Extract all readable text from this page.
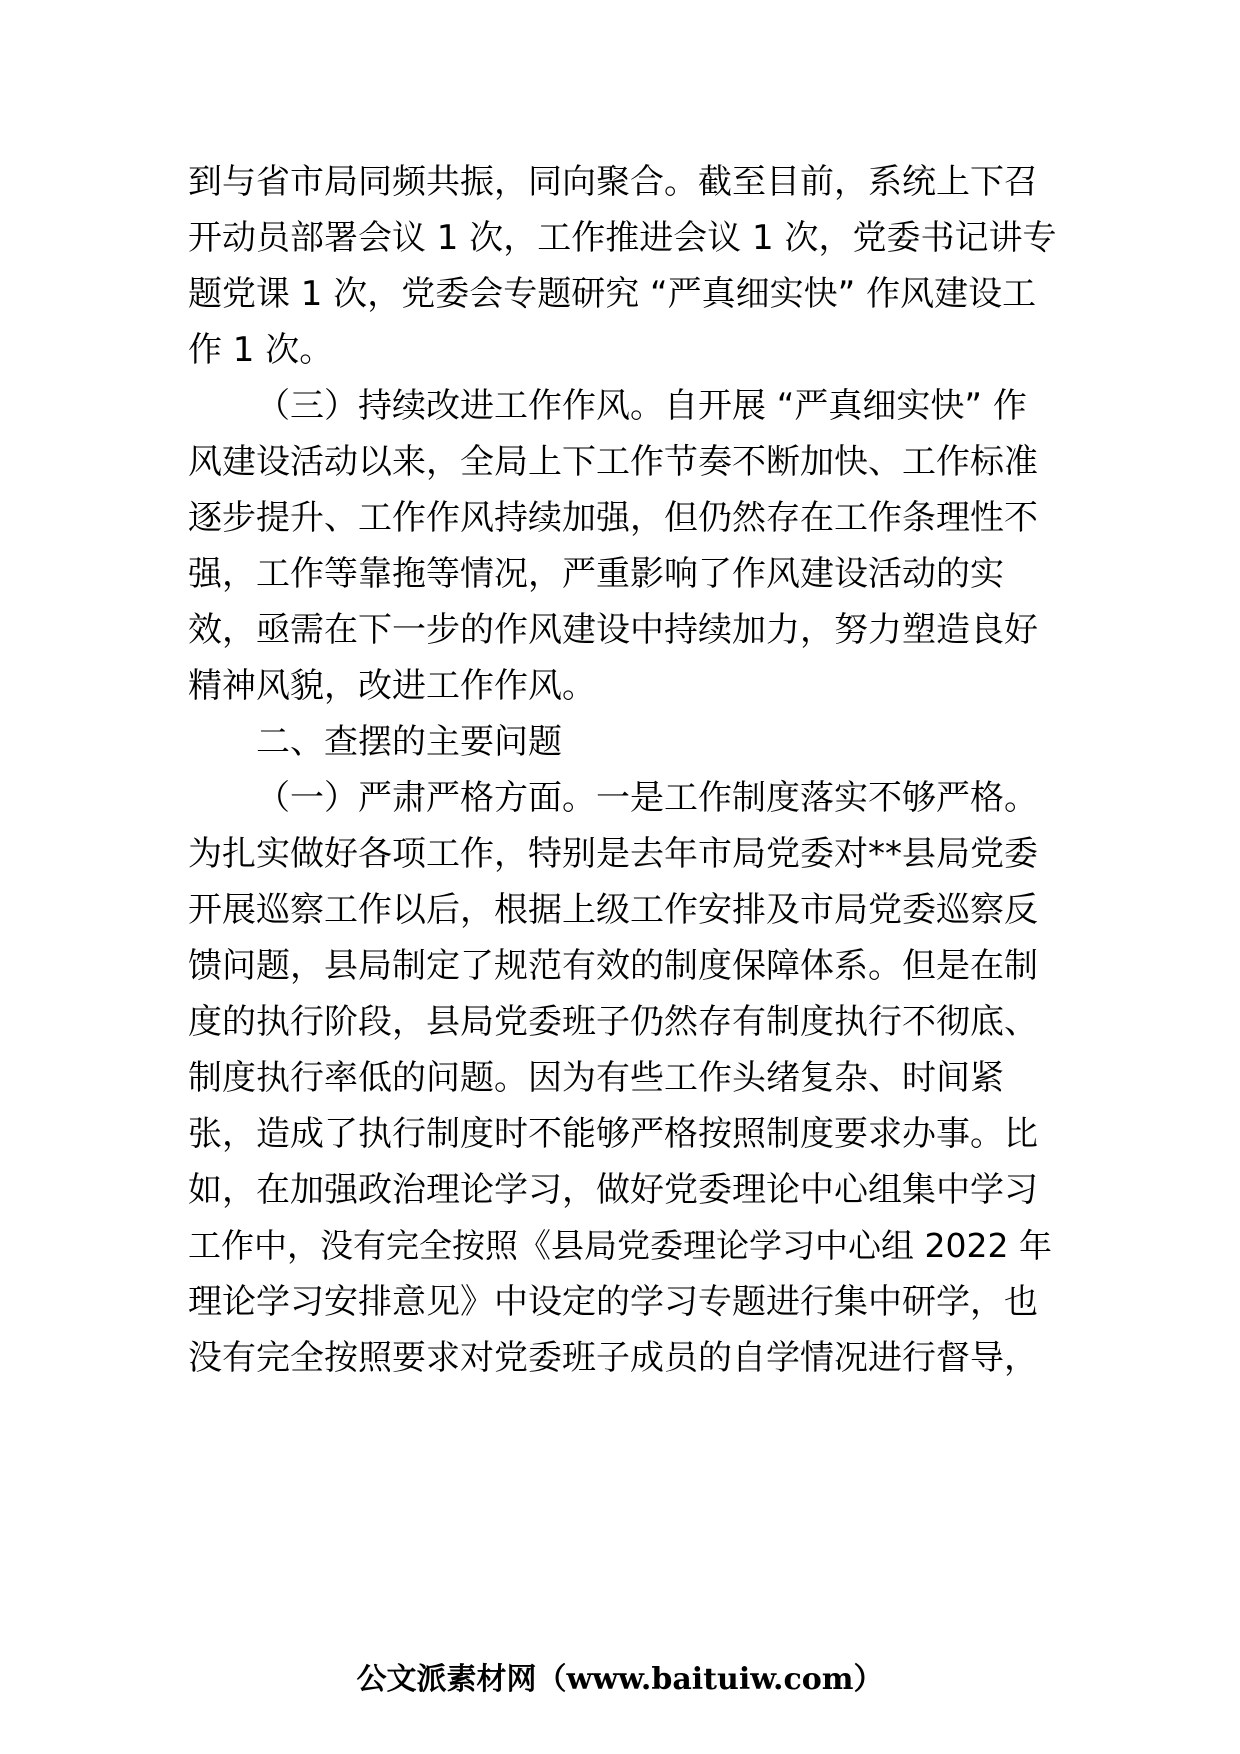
到与省市局同频共振，同向聚合。截至目前，系统上下召
开动员部署会议 1 次，工作推进会议 1 次，党委书记讲专
题党课 1 次，党委会专题研究 “严真细实快” 作风建设工
作 1 次。
（三）持续改进工作作风。自开展 “严真细实快” 作
风建设活动以来，全局上下工作节奏不断加快、工作标准
逐步提升、工作作风持续加强，但仍然存在工作条理性不
强，工作等靠拖等情况，严重影响了作风建设活动的实
效，亟需在下一步的作风建设中持续加力，努力塑造良好
精神风貌，改进工作作风。
二、查摆的主要问题
（一）严肃严格方面。一是工作制度落实不够严格。
为扎实做好各项工作，特别是去年市局党委对**县局党委
开展巡察工作以后，根据上级工作安排及市局党委巡察反
馈问题，县局制定了规范有效的制度保障体系。但是在制
度的执行阶段，县局党委班子仍然存有制度执行不彻底、
制度执行率低的问题。因为有些工作头绪复杂、时间紧
张，造成了执行制度时不能够严格按照制度要求办事。比
如，在加强政治理论学习，做好党委理论中心组集中学习
工作中，没有完全按照《县局党委理论学习中心组 2022 年
理论学习安排意见》中设定的学习专题进行集中研学，也
没有完全按照要求对党委班子成员的自学情况进行督导，
公文派素材网（www.baituiw.com）
